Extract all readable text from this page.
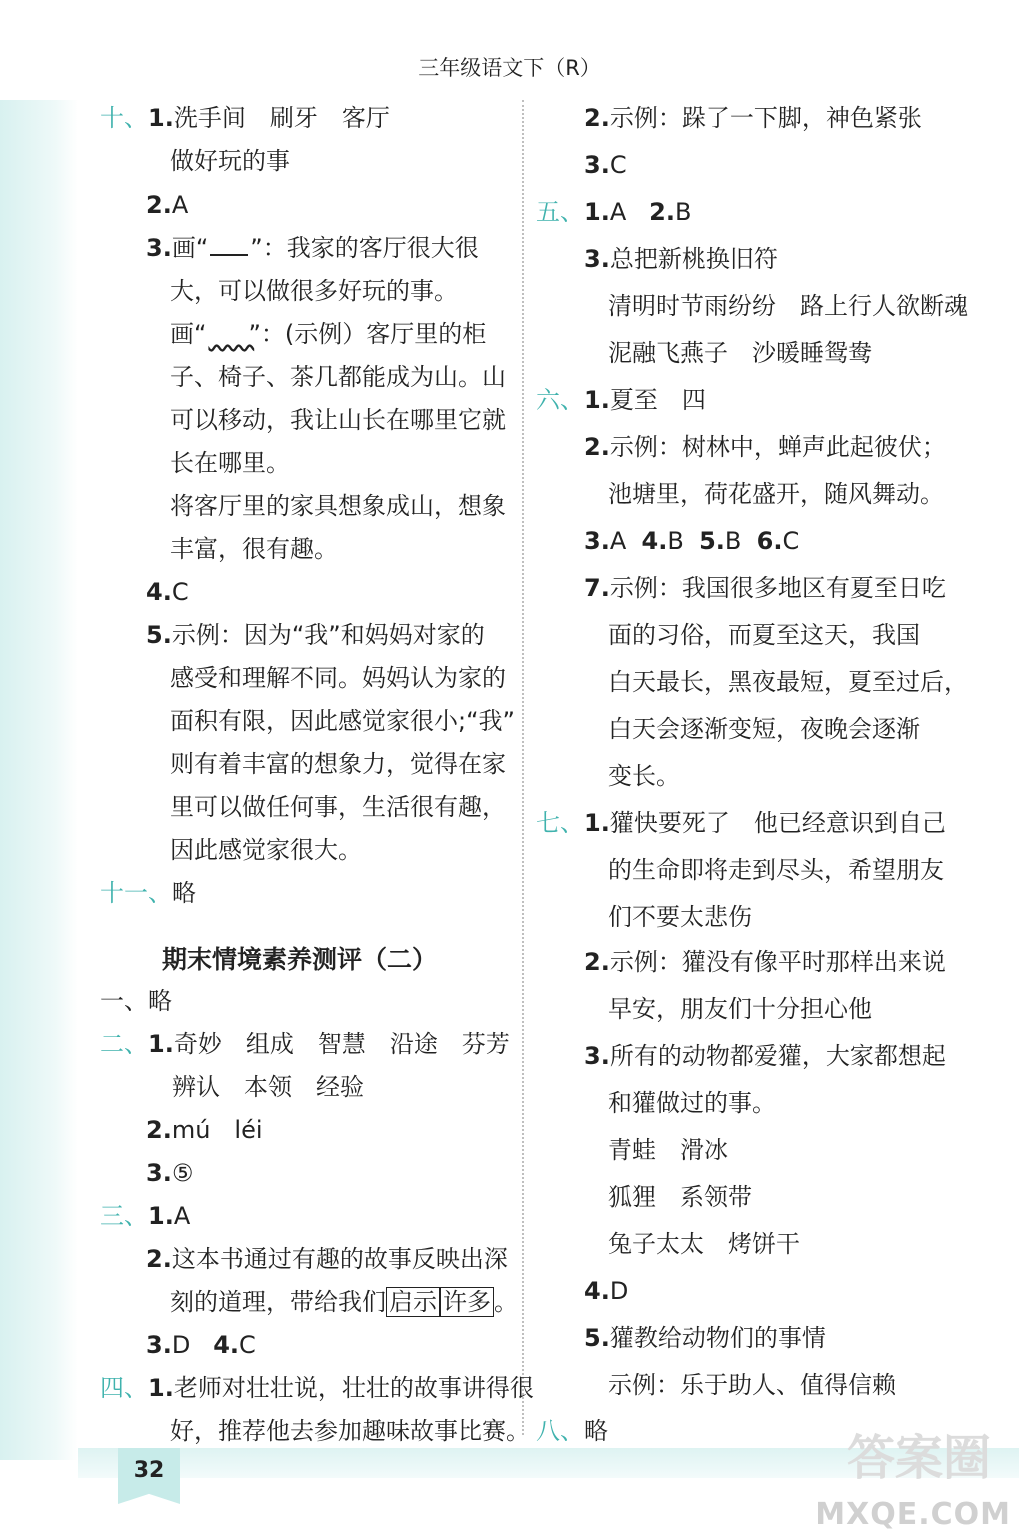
32
三年级语文下（R）
十、1.洗手间　刷牙　客厅
做好玩的事
2.A
3.画“ ”：我家的客厅很大很
大，可以做很多好玩的事。
画“​      ”：(示例）客厅里的柜
子、椅子、茶几都能成为山。山
可以移动，我让山长在哪里它就
长在哪里。
将客厅里的家具想象成山，想象
丰富，很有趣。
4.C
5.示例：因为“我”和妈妈对家的
感受和理解不同。妈妈认为家的
面积有限，因此感觉家很小;“我”
则有着丰富的想象力，觉得在家
里可以做任何事，生活很有趣，
因此感觉家很大。
十一、略
期末情境素养测评（二）
一、略
二、1.奇妙　组成　智慧　沿途　芬芳
辨认　本领　经验
2.mú　léi
3.⑤
三、1.A
2.这本书通过有趣的故事反映出深
刻的道理，带给我们 启示 许多 。
3.D 4.C
四、1.老师对壮壮说，壮壮的故事讲得很
好，推荐他去参加趣味故事比赛。
2.示例：跺了一下脚，神色紧张
3.C
五、1.A 2.B
3.总把新桃换旧符
清明时节雨纷纷　路上行人欲断魂
泥融飞燕子　沙暖睡鸳鸯
六、1.夏至　四
2.示例：树林中，蝉声此起彼伏；
池塘里，荷花盛开，随风舞动。
3.A 4.B 5.B 6.C
7.示例：我国很多地区有夏至日吃
面的习俗，而夏至这天，我国
白天最长，黑夜最短，夏至过后，
白天会逐渐变短，夜晚会逐渐
变长。
七、1.獾快要死了　他已经意识到自己
的生命即将走到尽头，希望朋友
们不要太悲伤
2.示例：獾没有像平时那样出来说
早安，朋友们十分担心他
3.所有的动物都爱獾，大家都想起
和獾做过的事。
青蛙　滑冰
狐狸　系领带
兔子太太　烤饼干
4.D
5.獾教给动物们的事情
示例：乐于助人、值得信赖
八、略	答案圈
MXQE.COM
